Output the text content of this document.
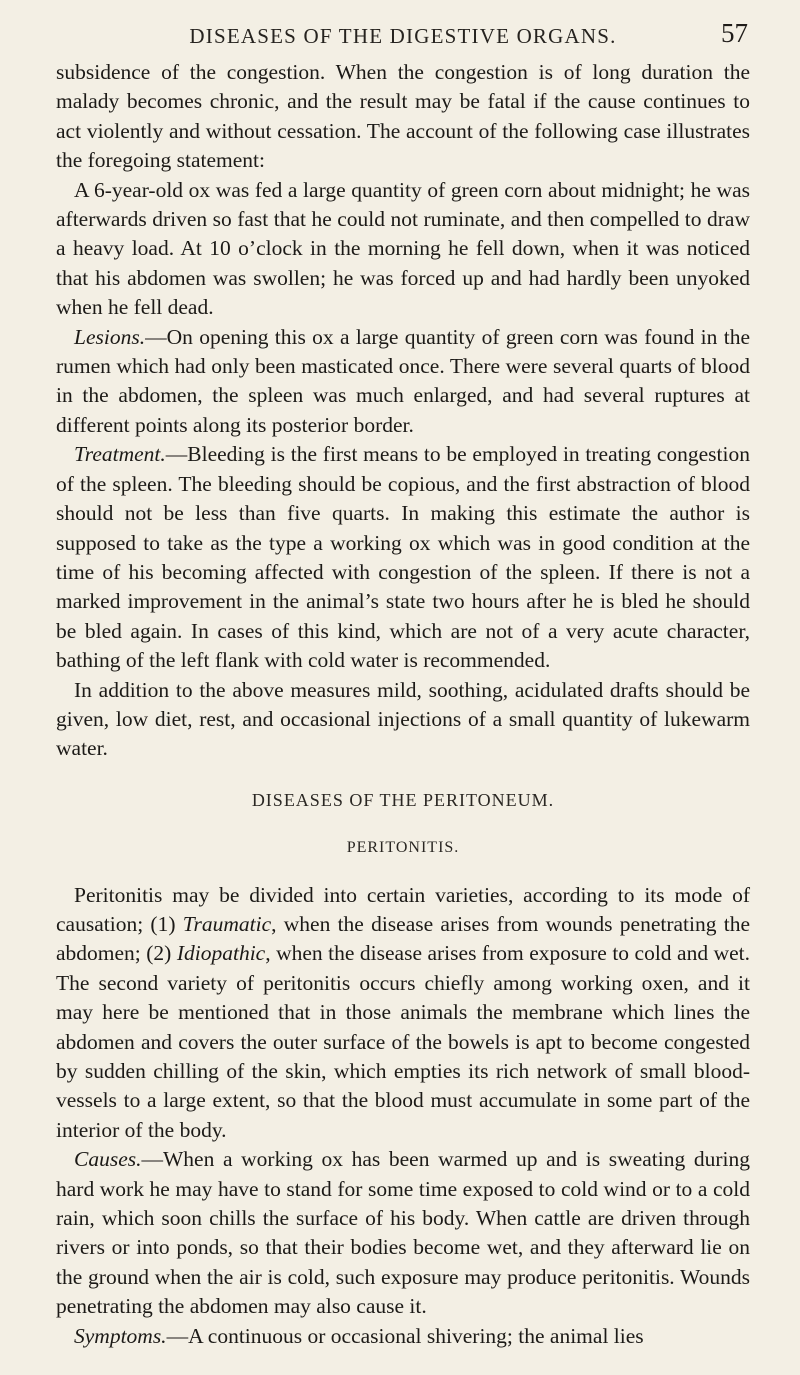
DISEASES OF THE DIGESTIVE ORGANS.	57

subsidence of the congestion. When the congestion is of long duration the malady becomes chronic, and the result may be fatal if the cause continues to act violently and without cessation. The account of the following case illustrates the foregoing statement:

A 6-year-old ox was fed a large quantity of green corn about midnight; he was afterwards driven so fast that he could not ruminate, and then compelled to draw a heavy load. At 10 o’clock in the morning he fell down, when it was noticed that his abdomen was swollen; he was forced up and had hardly been unyoked when he fell dead.

Lesions.—On opening this ox a large quantity of green corn was found in the rumen which had only been masticated once. There were several quarts of blood in the abdomen, the spleen was much enlarged, and had several ruptures at different points along its posterior border.

Treatment.—Bleeding is the first means to be employed in treating congestion of the spleen. The bleeding should be copious, and the first abstraction of blood should not be less than five quarts. In making this estimate the author is supposed to take as the type a working ox which was in good condition at the time of his becoming affected with congestion of the spleen. If there is not a marked improvement in the animal’s state two hours after he is bled he should be bled again. In cases of this kind, which are not of a very acute character, bathing of the left flank with cold water is recommended.

In addition to the above measures mild, soothing, acidulated drafts should be given, low diet, rest, and occasional injections of a small quantity of lukewarm water.

DISEASES OF THE PERITONEUM.
PERITONITIS.

Peritonitis may be divided into certain varieties, according to its mode of causation; (1) Traumatic, when the disease arises from wounds penetrating the abdomen; (2) Idiopathic, when the disease arises from exposure to cold and wet. The second variety of peritonitis occurs chiefly among working oxen, and it may here be mentioned that in those animals the membrane which lines the abdomen and covers the outer surface of the bowels is apt to become congested by sudden chilling of the skin, which empties its rich network of small blood-vessels to a large extent, so that the blood must accumulate in some part of the interior of the body.

Causes.—When a working ox has been warmed up and is sweating during hard work he may have to stand for some time exposed to cold wind or to a cold rain, which soon chills the surface of his body. When cattle are driven through rivers or into ponds, so that their bodies become wet, and they afterward lie on the ground when the air is cold, such exposure may produce peritonitis. Wounds penetrating the abdomen may also cause it.

Symptoms.—A continuous or occasional shivering; the animal lies
